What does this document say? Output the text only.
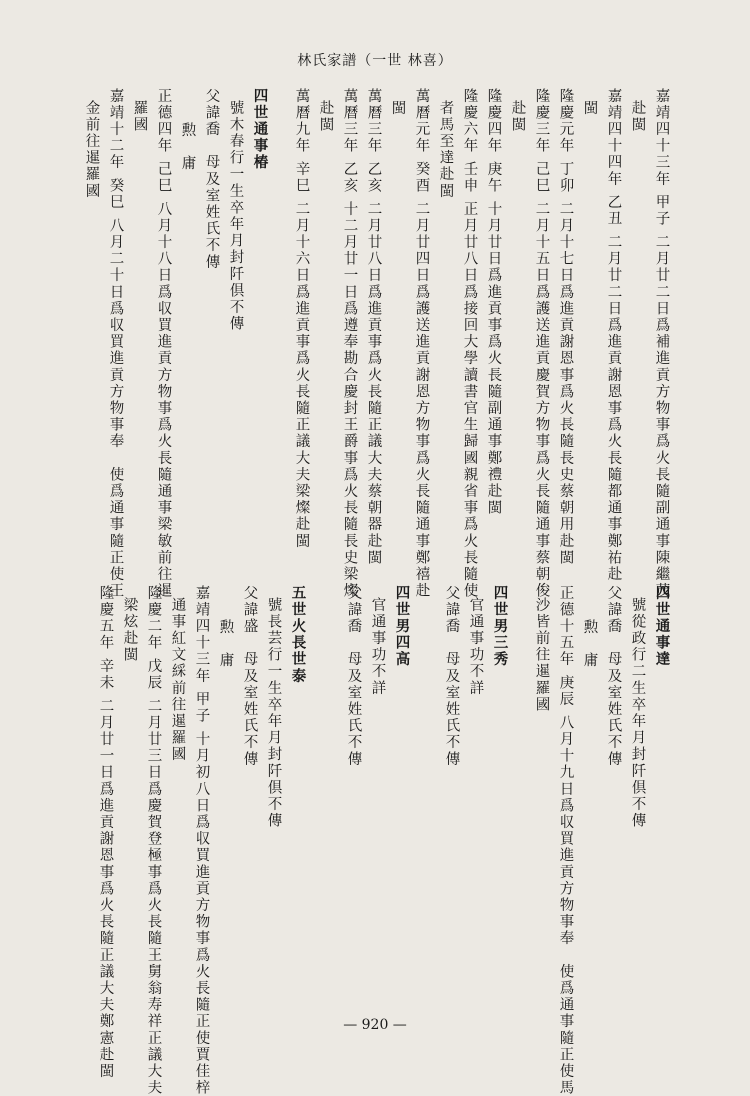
林氏家譜（一世 林喜）
嘉靖四十三年 甲子 二月廿二日爲補進貢方物事爲火長隨副通事陳繼茂
赴閩
嘉靖四十四年 乙丑 二月廿二日爲進貢謝恩事爲火長隨都通事鄭祐赴
閩
隆慶元年 丁卯 二月十七日爲進貢謝恩事爲火長隨長史蔡朝用赴閩
隆慶三年 己巳 二月十五日爲護送進貢慶賀方物事爲火長隨通事蔡朝俊
赴閩
隆慶四年 庚午 十月廿日爲進貢事爲火長隨副通事鄭禮赴閩
隆慶六年 壬申 正月廿八日爲接回大學讀書官生歸國親省事爲火長隨使
者馬至達赴閩
萬曆元年 癸酉 二月廿四日爲護送進貢謝恩方物事爲火長隨通事鄭禧赴
閩
萬曆三年 乙亥 二月廿八日爲進貢事爲火長隨正議大夫蔡朝器赴閩
萬曆三年 乙亥 十二月廿一日爲遵奉勘合慶封王爵事爲火長隨長史梁燦
赴閩
萬曆九年 辛巳 二月十六日爲進貢事爲火長隨正議大夫梁燦赴閩
四世通事椿
號木春行一生卒年月封阡倶不傳
父諱喬　母及室姓氏不傳
勲　庸
正德四年 己巳 八月十八日爲収買進貢方物事爲火長隨通事梁敏前往暹
羅國
嘉靖十二年 癸巳 八月二十日爲収買進貢方物事奉　使爲通事隨正使王
金前往暹羅國
四世通事達
號從政行二生卒年月封阡倶不傳
父諱喬　母及室姓氏不傳
勲　庸
正德十五年 庚辰 八月十九日爲収買進貢方物事奉　使爲通事隨正使馬
沙皆前往暹羅國
四世男三秀
官通事功不詳
父諱喬　母及室姓氏不傳
四世男四高
官通事功不詳
父諱喬　母及室姓氏不傳
五世火長世泰
號長芸行一生卒年月封阡倶不傳
父諱盛　母及室姓氏不傳
勲　庸
嘉靖四十三年 甲子 十月初八日爲収買進貢方物事爲火長隨正使賈佳梓
通事紅文綵前往暹羅國
隆慶二年 戊辰 二月廿三日爲慶賀登極事爲火長隨王舅翁寿祥正議大夫
梁炫赴閩
隆慶五年 辛未 二月廿一日爲進貢謝恩事爲火長隨正議大夫鄭憲赴閩	— 920 —
